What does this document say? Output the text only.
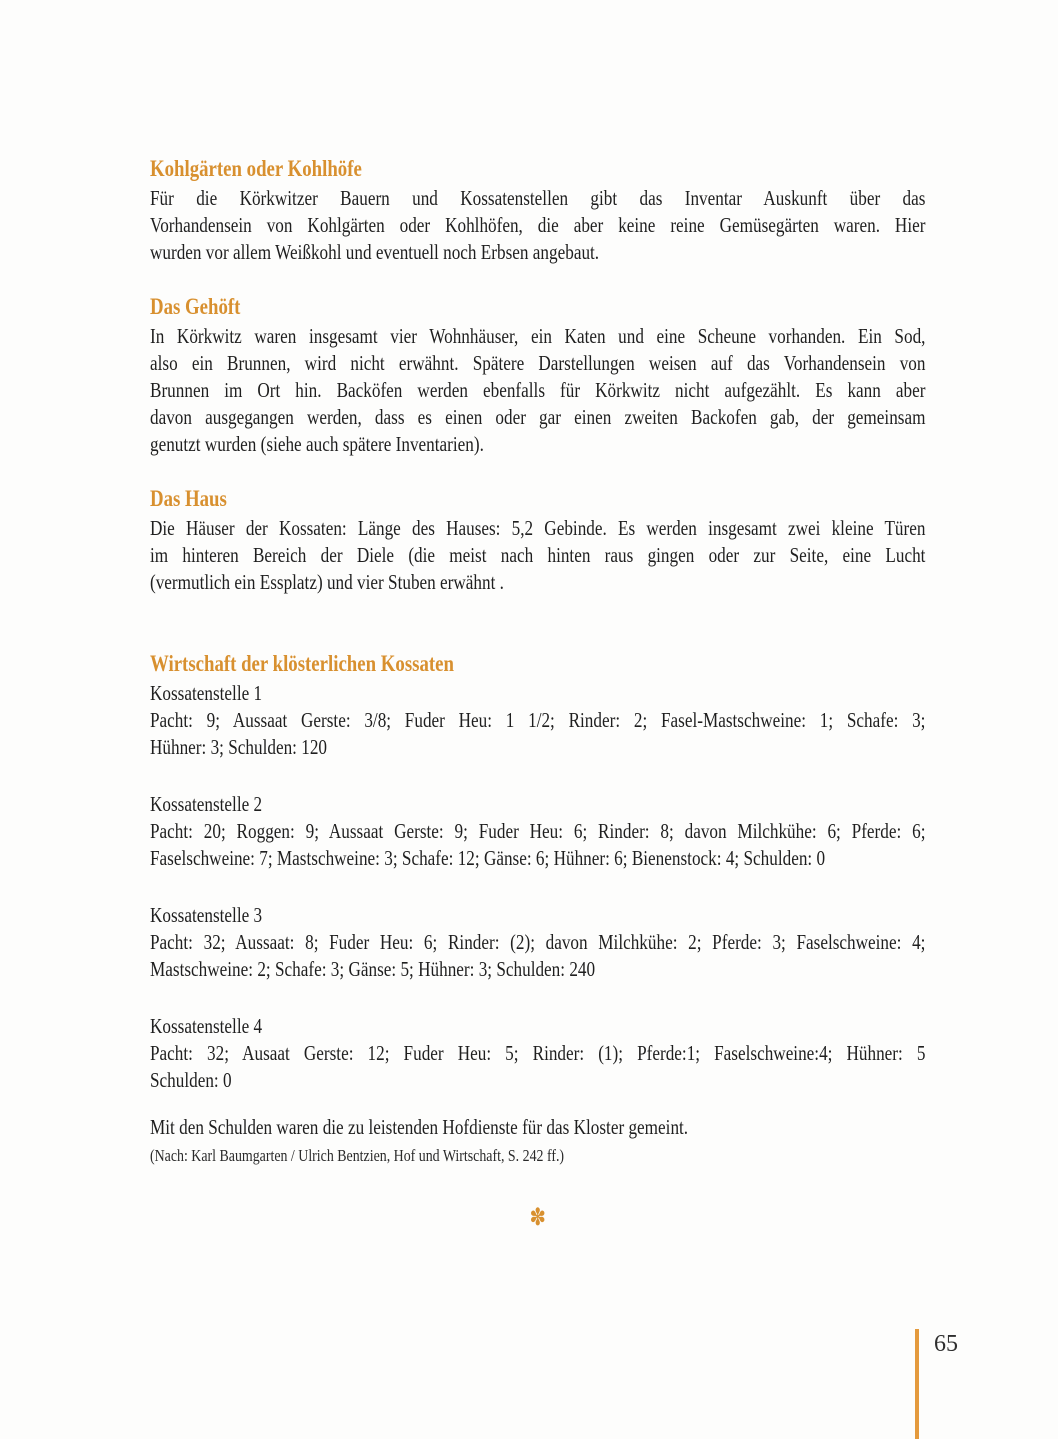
Kohlgärten oder Kohlhöfe
Für die Körkwitzer Bauern und Kossatenstellen gibt das Inventar Auskunft über das
Vorhandensein von Kohlgärten oder Kohlhöfen, die aber keine reine Gemüsegärten waren. Hier
wurden vor allem Weißkohl und eventuell noch Erbsen angebaut.
Das Gehöft
In Körkwitz waren insgesamt vier Wohnhäuser, ein Katen und eine Scheune vorhanden. Ein Sod,
also ein Brunnen, wird nicht erwähnt. Spätere Darstellungen weisen auf das Vorhandensein von
Brunnen im Ort hin. Backöfen werden ebenfalls für Körkwitz nicht aufgezählt. Es kann aber
davon ausgegangen werden, dass es einen oder gar einen zweiten Backofen gab, der gemeinsam
genutzt wurden (siehe auch spätere Inventarien).
Das Haus
Die Häuser der Kossaten: Länge des Hauses: 5,2 Gebinde. Es werden insgesamt zwei kleine Türen
im hinteren Bereich der Diele (die meist nach hinten raus gingen oder zur Seite, eine Lucht
(vermutlich ein Essplatz) und vier Stuben erwähnt .
Wirtschaft der klösterlichen Kossaten
Kossatenstelle 1
Pacht: 9; Aussaat Gerste: 3/8; Fuder Heu: 1 1/2; Rinder: 2; Fasel-Mastschweine: 1; Schafe: 3;
Hühner: 3; Schulden: 120
Kossatenstelle 2
Pacht: 20; Roggen: 9; Aussaat Gerste: 9; Fuder Heu: 6; Rinder: 8; davon Milchkühe: 6; Pferde: 6;
Faselschweine: 7; Mastschweine: 3; Schafe: 12; Gänse: 6; Hühner: 6; Bienenstock: 4; Schulden: 0
Kossatenstelle 3
Pacht: 32; Aussaat: 8; Fuder Heu: 6; Rinder: (2); davon Milchkühe: 2; Pferde: 3; Faselschweine: 4;
Mastschweine: 2; Schafe: 3; Gänse: 5; Hühner: 3; Schulden: 240
Kossatenstelle 4
Pacht: 32; Ausaat Gerste: 12; Fuder Heu: 5; Rinder: (1); Pferde:1; Faselschweine:4; Hühner: 5
Schulden: 0
Mit den Schulden waren die zu leistenden Hofdienste für das Kloster gemeint.
(Nach: Karl Baumgarten / Ulrich Bentzien, Hof und Wirtschaft, S. 242 ff.)
✽
65
